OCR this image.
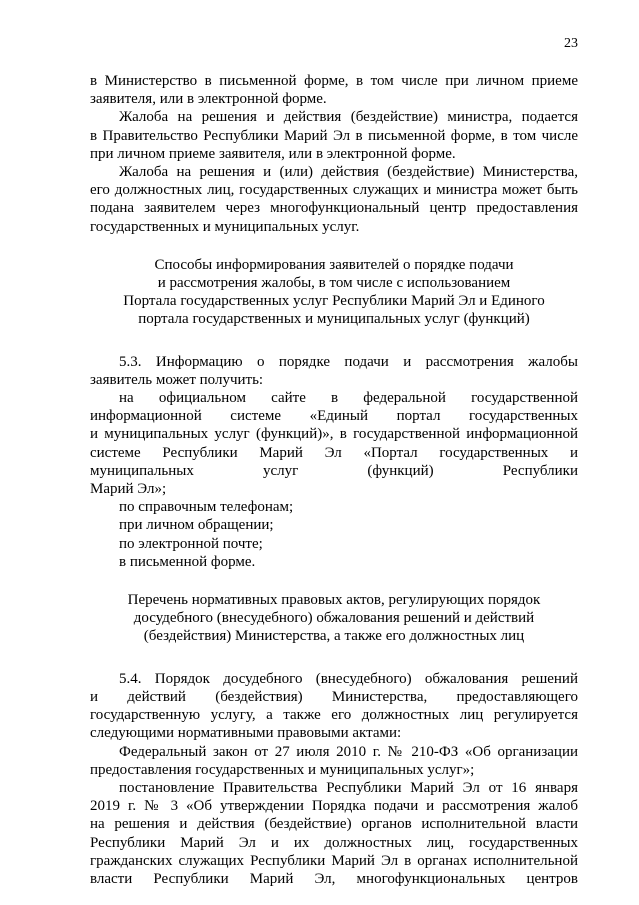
23

в Министерство в письменной форме, в том числе при личном приеме
заявителя, или в электронной форме.

Жалоба на решения и действия (бездействие) министра, подается
в Правительство Республики Марий Эл в письменной форме, в том числе
при личном приеме заявителя, или в электронной форме.

Жалоба на решения и (или) действия (бездействие) Министерства,
его должностных лиц, государственных служащих и министра может быть
подана заявителем через многофункциональный центр предоставления
государственных и муниципальных услуг.

Способы информирования заявителей о порядке подачи
и рассмотрения жалобы, в том числе с использованием
Портала государственных услуг Республики Марий Эл и Единого
портала государственных и муниципальных услуг (функций)

5.3. Информацию о порядке подачи и рассмотрения жалобы
заявитель может получить:

на официальном сайте в федеральной государственной
информационной системе «Единый портал государственных
и муниципальных услуг (функций)», в государственной информационной
системе Республики Марий Эл «Портал государственных и
муниципальных услуг (функций) Республики
Марий Эл»;

по справочным телефонам;

при личном обращении;

по электронной почте;

в письменной форме.

Перечень нормативных правовых актов, регулирующих порядок
досудебного (внесудебного) обжалования решений и действий
(бездействия) Министерства, а также его должностных лиц

5.4. Порядок досудебного (внесудебного) обжалования решений
и действий (бездействия) Министерства, предоставляющего
государственную услугу, а также его должностных лиц регулируется
следующими нормативными правовыми актами:

Федеральный закон от 27 июля 2010 г. № 210-ФЗ «Об организации
предоставления государственных и муниципальных услуг»;

постановление Правительства Республики Марий Эл от 16 января
2019 г. № 3 «Об утверждении Порядка подачи и рассмотрения жалоб
на решения и действия (бездействие) органов исполнительной власти
Республики Марий Эл и их должностных лиц, государственных
гражданских служащих Республики Марий Эл в органах исполнительной
власти Республики Марий Эл, многофункциональных центров
